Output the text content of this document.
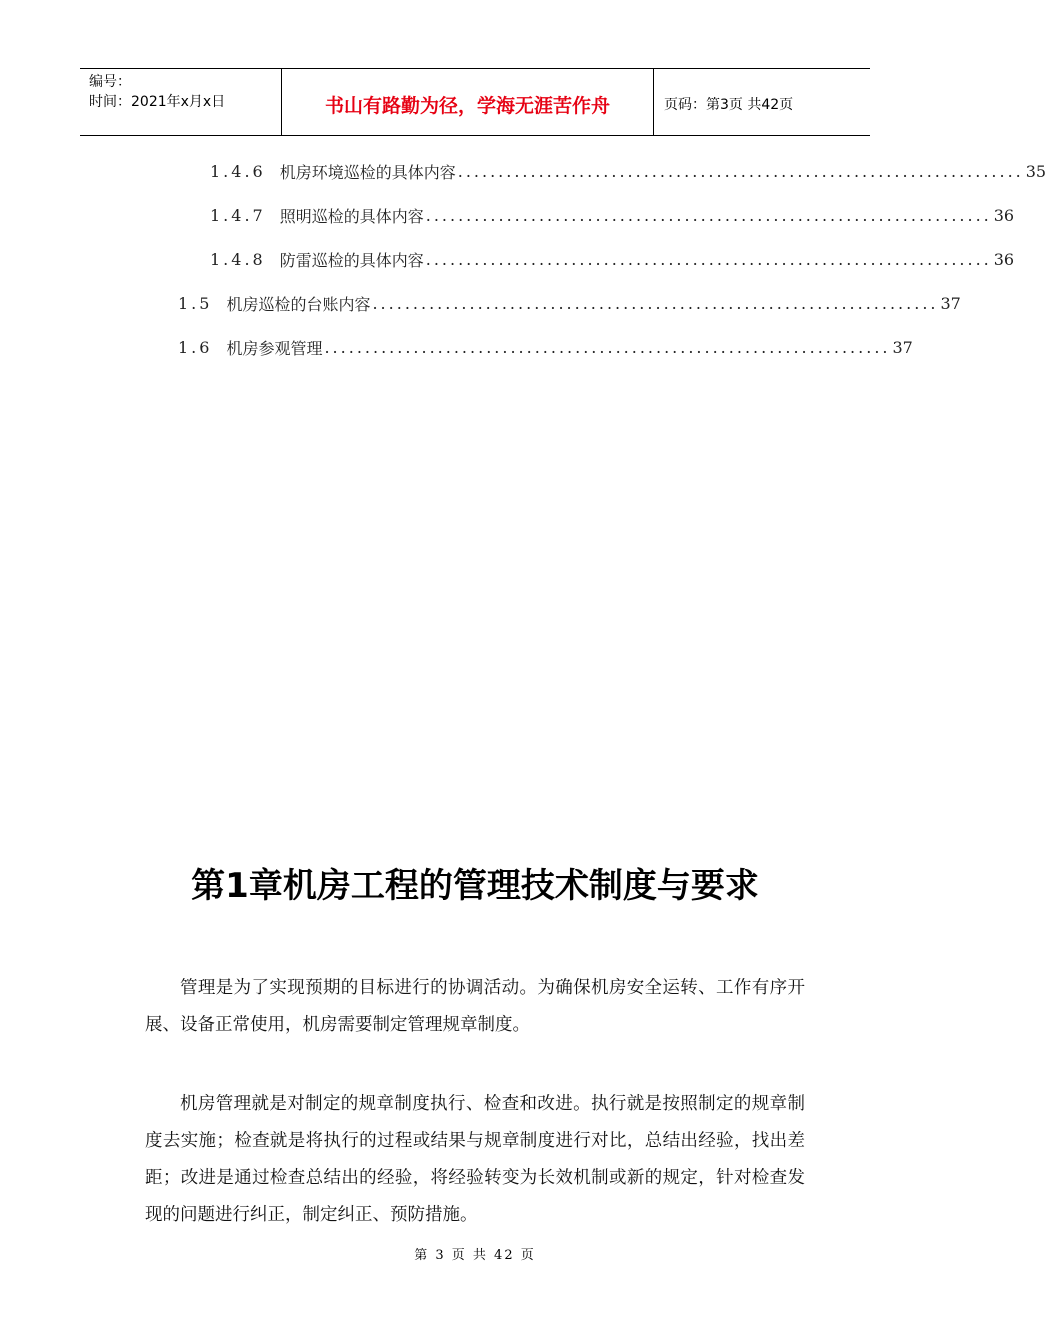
编号：
时间：2021年x月x日	书山有路勤为径，学海无涯苦作舟	页码：第3页 共42页
1.4.6 机房环境巡检的具体内容 ...................................................................... 35
1.4.7 照明巡检的具体内容 ...................................................................... 36
1.4.8 防雷巡检的具体内容 ...................................................................... 36
1.5 机房巡检的台账内容 ...................................................................... 37
1.6 机房参观管理 ...................................................................... 37
第1章机房工程的管理技术制度与要求

管理是为了实现预期的目标进行的协调活动。为确保机房安全运转、工作有序开展、设备正常使用，机房需要制定管理规章制度。

机房管理就是对制定的规章制度执行、检查和改进。执行就是按照制定的规章制度去实施；检查就是将执行的过程或结果与规章制度进行对比，总结出经验，找出差距；改进是通过检查总结出的经验，将经验转变为长效机制或新的规定，针对检查发现的问题进行纠正，制定纠正、预防措施。

第 3 页 共 42 页
